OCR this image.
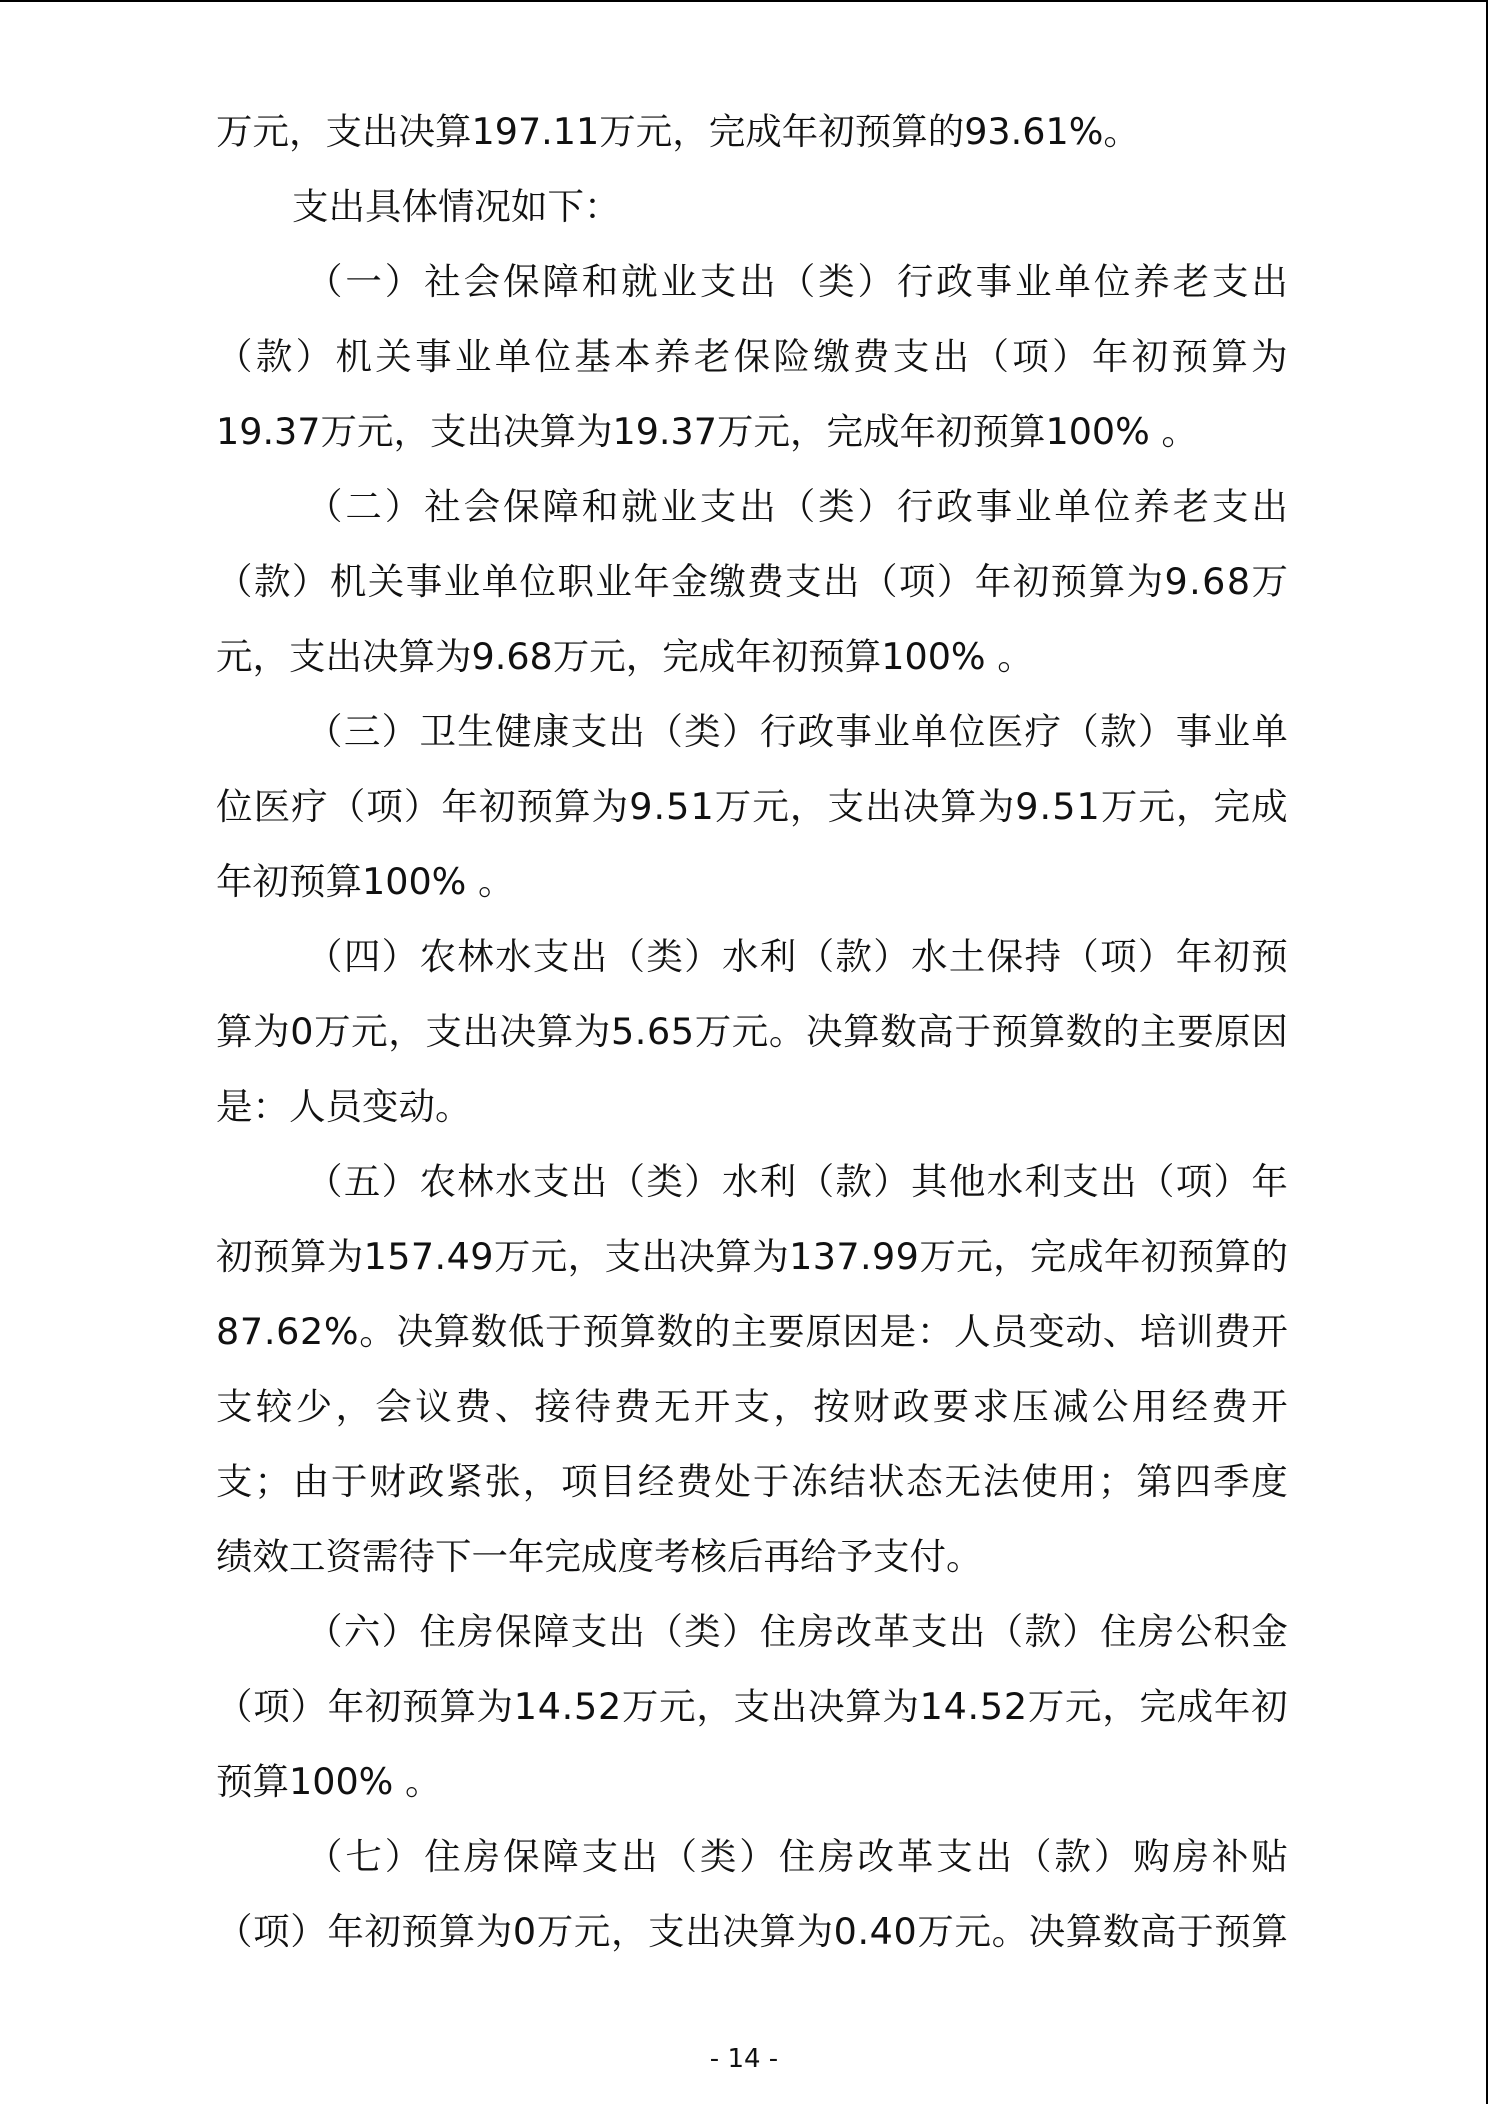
万元，支出决算197.11万元，完成年初预算的93.61%。
支出具体情况如下：
（ 一 ） 社 会 保 障 和 就 业 支 出 （ 类 ） 行 政 事 业 单 位 养 老 支 出
（ 款 ） 机 关 事 业 单 位 基 本 养 老 保 险 缴 费 支 出 （ 项 ） 年 初 预 算 为
19.37万元，支出决算为19.37万元，完成年初预算100% 。
（ 二 ） 社 会 保 障 和 就 业 支 出 （ 类 ） 行 政 事 业 单 位 养 老 支 出
（ 款 ） 机 关 事 业 单 位 职 业 年 金 缴 费 支 出 （ 项 ） 年 初 预 算 为 9 . 6 8 万
元，支出决算为9.68万元，完成年初预算100% 。
（ 三 ） 卫 生 健 康 支 出 （ 类 ） 行 政 事 业 单 位 医 疗 （ 款 ） 事 业 单
位 医 疗 （ 项 ） 年 初 预 算 为 9 . 5 1 万 元 ， 支 出 决 算 为 9 . 5 1 万 元 ， 完 成
年初预算100% 。
（ 四 ） 农 林 水 支 出 （ 类 ） 水 利 （ 款 ） 水 土 保 持 （ 项 ） 年 初 预
算 为 0 万 元 ， 支 出 决 算 为 5 . 6 5 万 元 。 决 算 数 高 于 预 算 数 的 主 要 原 因
是：人员变动。
（ 五 ） 农 林 水 支 出 （ 类 ） 水 利 （ 款 ） 其 他 水 利 支 出 （ 项 ） 年
初 预 算 为 1 5 7 . 4 9 万 元 ， 支 出 决 算 为 1 3 7 . 9 9 万 元 ， 完 成 年 初 预 算 的
8 7 . 6 2 % 。 决 算 数 低 于 预 算 数 的 主 要 原 因 是 ： 人 员 变 动 、 培 训 费 开
支 较 少 ， 会 议 费 、 接 待 费 无 开 支 ， 按 财 政 要 求 压 减 公 用 经 费 开
支 ； 由 于 财 政 紧 张 ， 项 目 经 费 处 于 冻 结 状 态 无 法 使 用 ； 第 四 季 度
绩效工资需待下一年完成度考核后再给予支付。
（ 六 ） 住 房 保 障 支 出 （ 类 ） 住 房 改 革 支 出 （ 款 ） 住 房 公 积 金
（ 项 ） 年 初 预 算 为 1 4 . 5 2 万 元 ， 支 出 决 算 为 1 4 . 5 2 万 元 ， 完 成 年 初
预算100% 。
（ 七 ） 住 房 保 障 支 出 （ 类 ） 住 房 改 革 支 出 （ 款 ） 购 房 补 贴
（ 项 ） 年 初 预 算 为 0 万 元 ， 支 出 决 算 为 0 . 4 0 万 元 。 决 算 数 高 于 预 算
- 14 -
